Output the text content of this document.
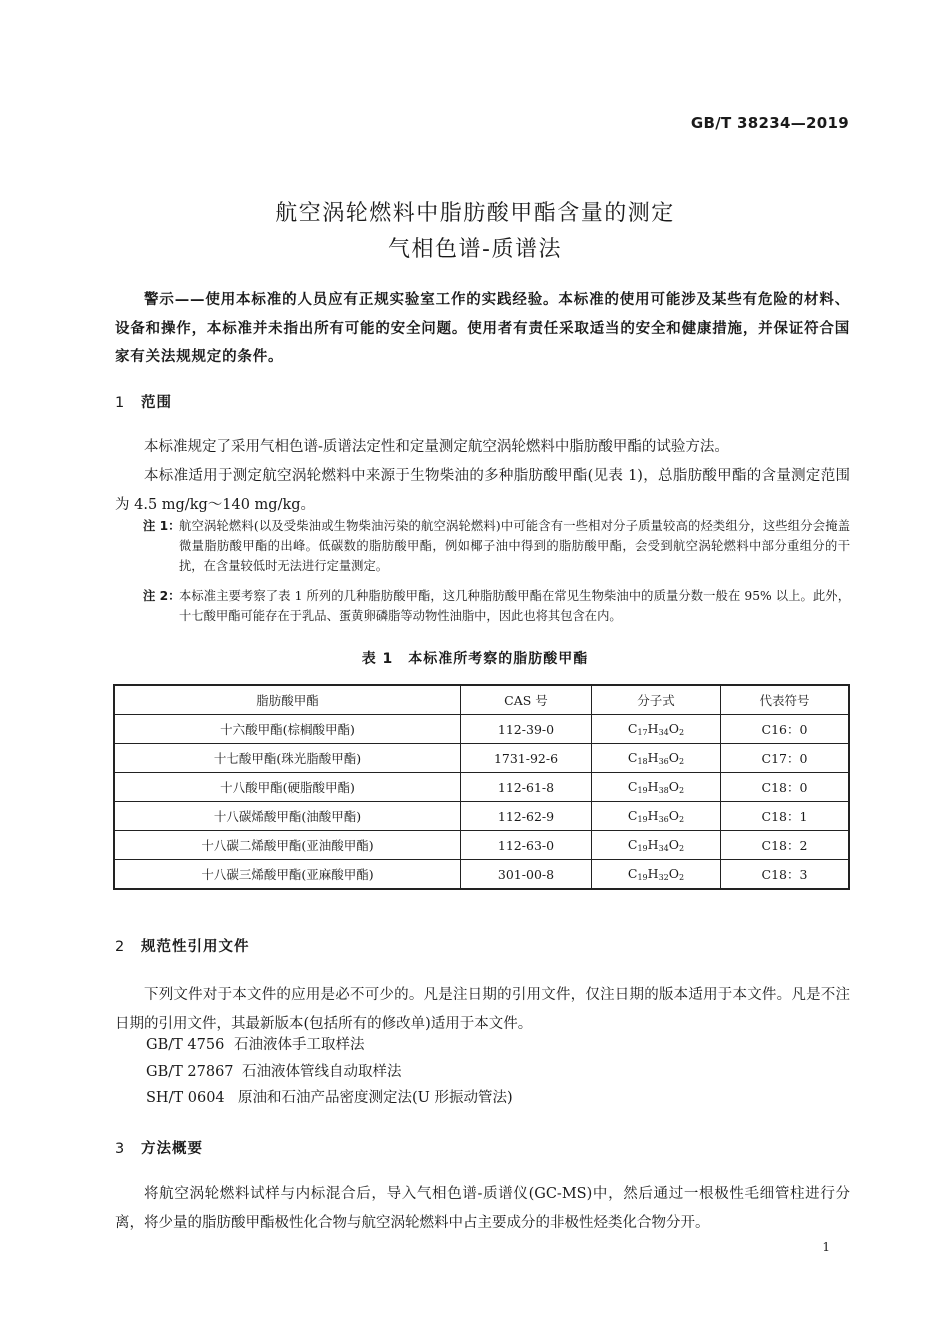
GB/T 38234—2019
航空涡轮燃料中脂肪酸甲酯含量的测定
气相色谱-质谱法

警示——使用本标准的人员应有正规实验室工作的实践经验。本标准的使用可能涉及某些有危险的材料、设备和操作，本标准并未指出所有可能的安全问题。使用者有责任采取适当的安全和健康措施，并保证符合国家有关法规规定的条件。

1 范围

本标准规定了采用气相色谱-质谱法定性和定量测定航空涡轮燃料中脂肪酸甲酯的试验方法。

本标准适用于测定航空涡轮燃料中来源于生物柴油的多种脂肪酸甲酯(见表 1)，总脂肪酸甲酯的含量测定范围为 4.5 mg/kg～140 mg/kg。

注 1：
航空涡轮燃料(以及受柴油或生物柴油污染的航空涡轮燃料)中可能含有一些相对分子质量较高的烃类组分，这些组分会掩盖微量脂肪酸甲酯的出峰。低碳数的脂肪酸甲酯，例如椰子油中得到的脂肪酸甲酯，会受到航空涡轮燃料中部分重组分的干扰，在含量较低时无法进行定量测定。
注 2：
本标准主要考察了表 1 所列的几种脂肪酸甲酯，这几种脂肪酸甲酯在常见生物柴油中的质量分数一般在 95% 以上。此外，十七酸甲酯可能存在于乳品、蛋黄卵磷脂等动物性油脂中，因此也将其包含在内。
表 1　本标准所考察的脂肪酸甲酯
脂肪酸甲酯	CAS 号	分子式	代表符号
十六酸甲酯(棕榈酸甲酯)	112-39-0	$C_{17}H_{34}O_2$	C16：0
十七酸甲酯(珠光脂酸甲酯)	1731-92-6	$C_{18}H_{36}O_2$	C17：0
十八酸甲酯(硬脂酸甲酯)	112-61-8	$C_{19}H_{38}O_2$	C18：0
十八碳烯酸甲酯(油酸甲酯)	112-62-9	$C_{19}H_{36}O_2$	C18：1
十八碳二烯酸甲酯(亚油酸甲酯)	112-63-0	$C_{19}H_{34}O_2$	C18：2
十八碳三烯酸甲酯(亚麻酸甲酯)	301-00-8	$C_{19}H_{32}O_2$	C18：3
2 规范性引用文件

下列文件对于本文件的应用是必不可少的。凡是注日期的引用文件，仅注日期的版本适用于本文件。凡是不注日期的引用文件，其最新版本(包括所有的修改单)适用于本文件。

GB/T 4756 石油液体手工取样法
GB/T 27867 石油液体管线自动取样法
SH/T 0604 原油和石油产品密度测定法(U 形振动管法)
3 方法概要

将航空涡轮燃料试样与内标混合后，导入气相色谱-质谱仪(GC-MS)中，然后通过一根极性毛细管柱进行分离，将少量的脂肪酸甲酯极性化合物与航空涡轮燃料中占主要成分的非极性烃类化合物分开。

1
